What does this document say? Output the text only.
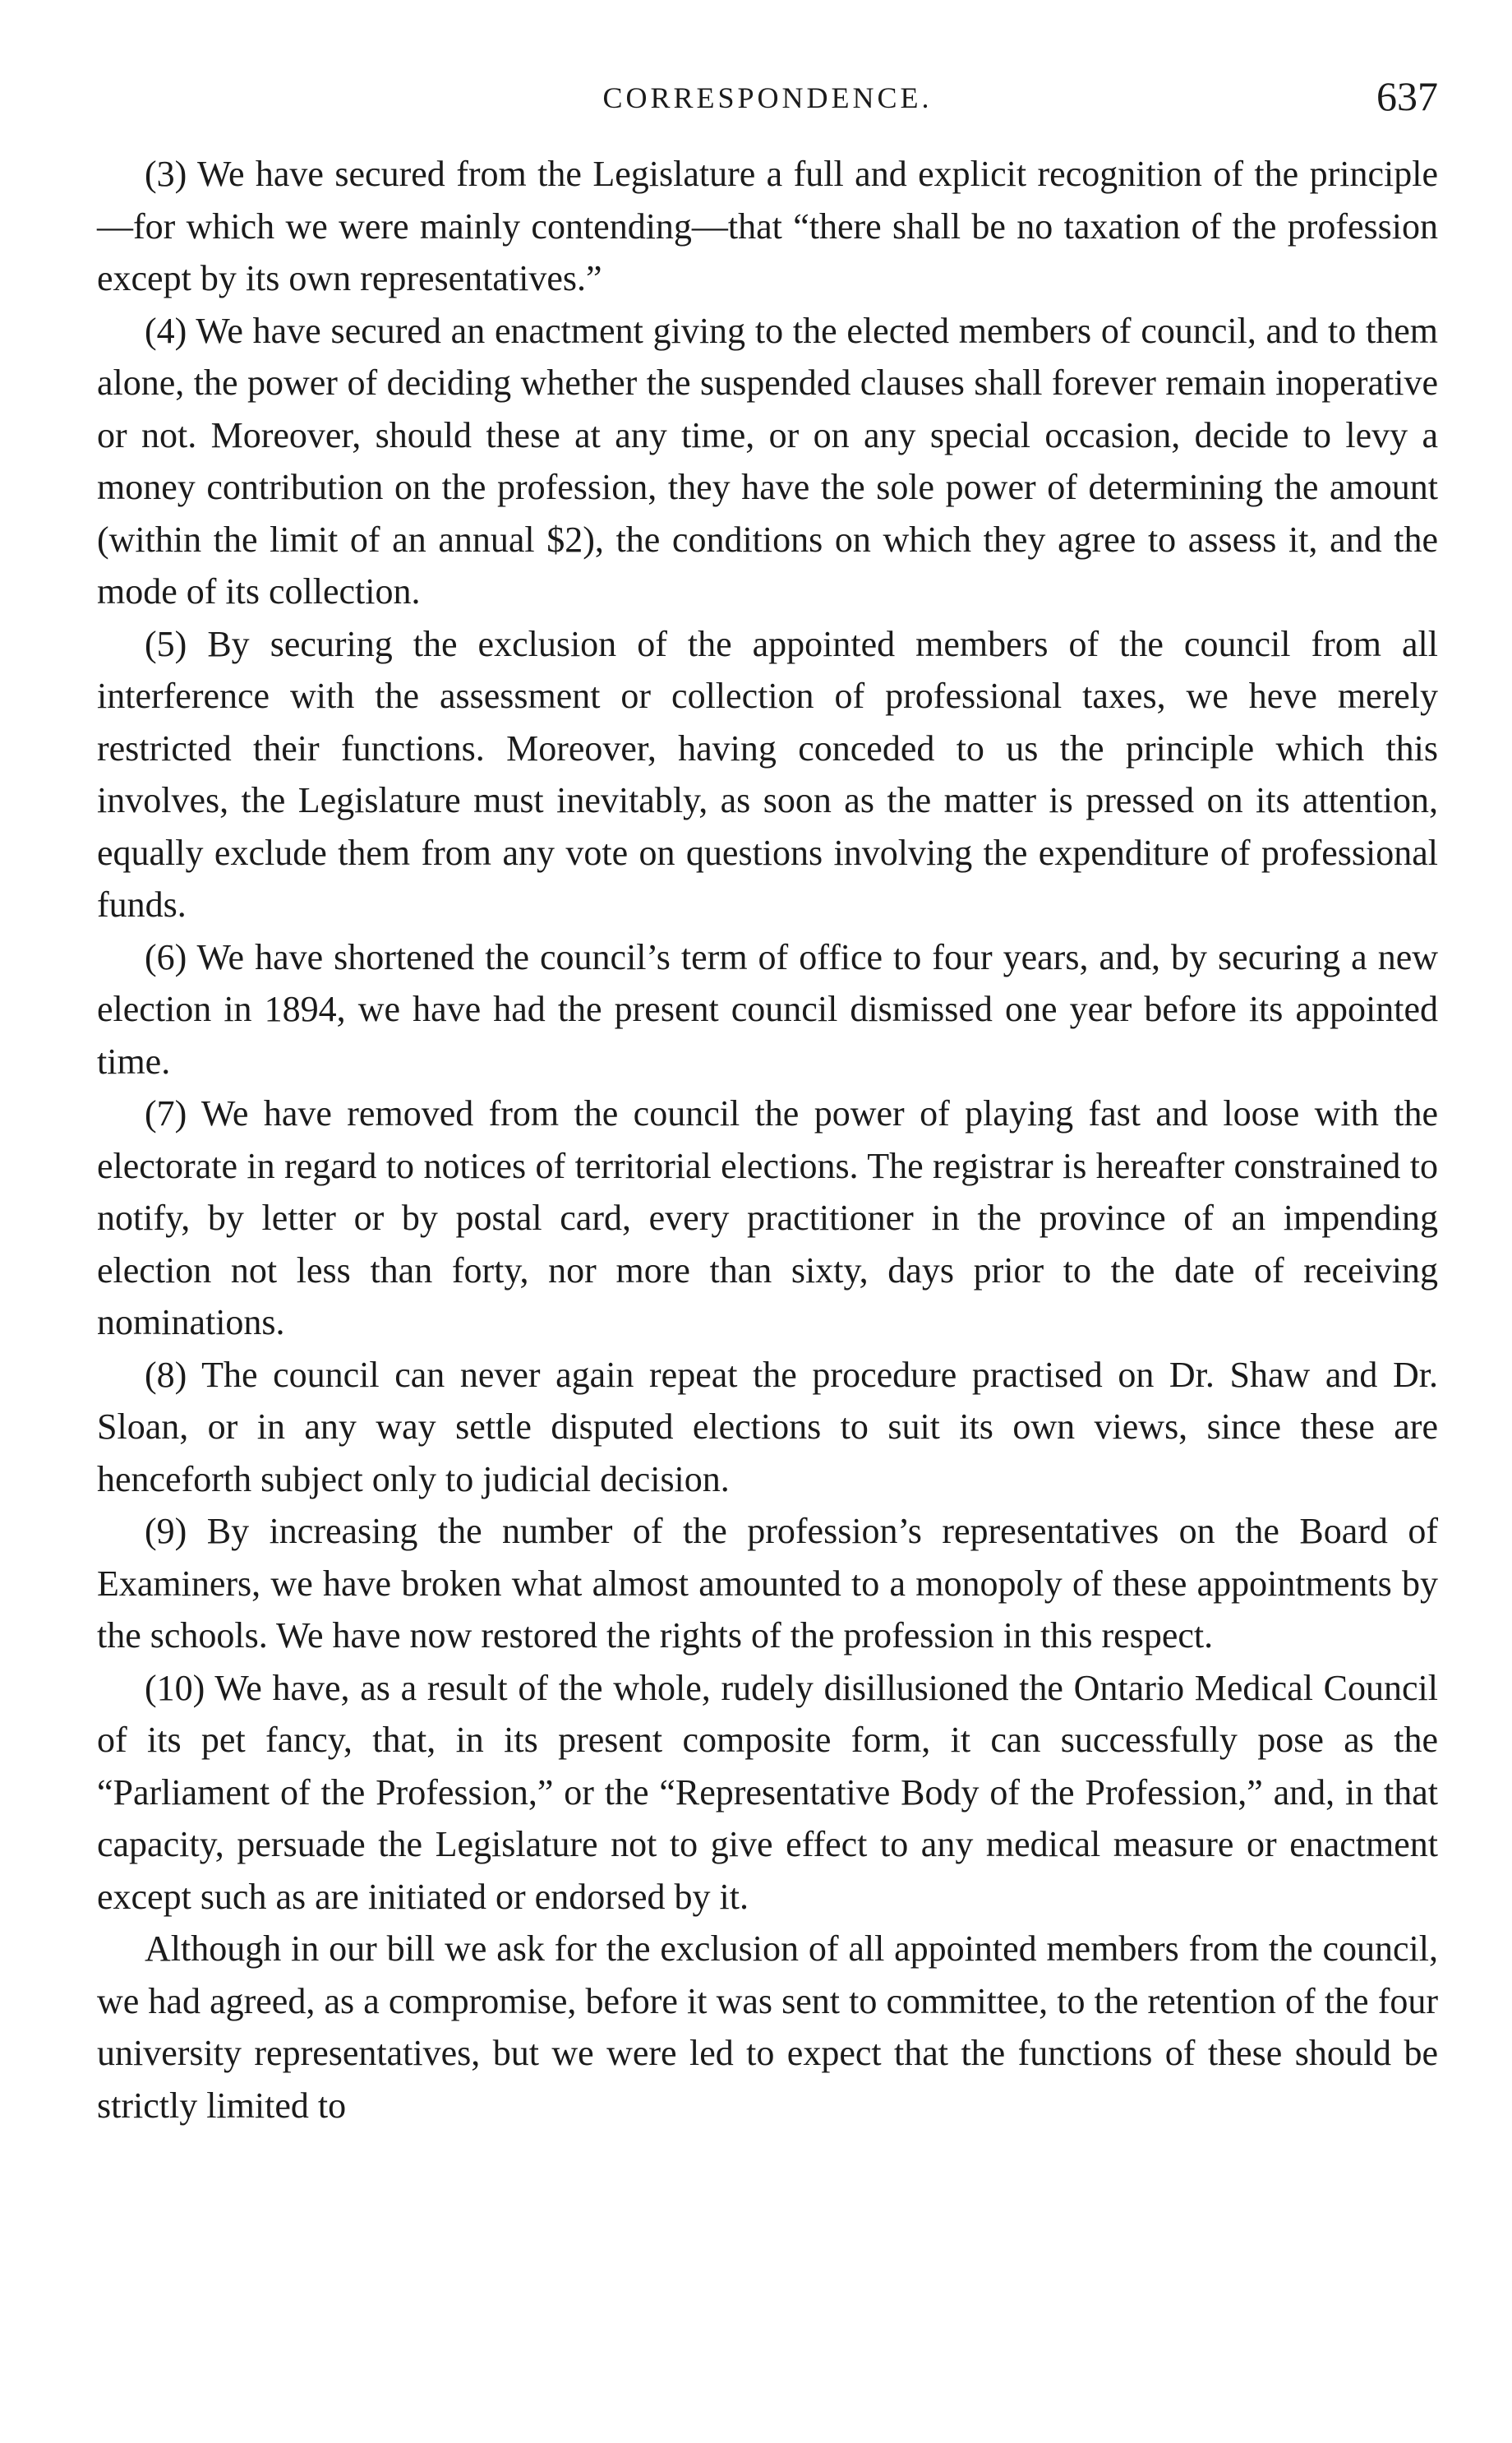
CORRESPONDENCE.	637

(3) We have secured from the Legislature a full and explicit recognition of the principle—for which we were mainly contending—that “there shall be no taxation of the profession except by its own representatives.”

(4) We have secured an enactment giving to the elected members of council, and to them alone, the power of deciding whether the suspended clauses shall forever remain inoperative or not. Moreover, should these at any time, or on any special occasion, decide to levy a money contribution on the profession, they have the sole power of determining the amount (within the limit of an annual $2), the conditions on which they agree to assess it, and the mode of its collection.

(5) By securing the exclusion of the appointed members of the council from all interference with the assessment or collection of professional taxes, we heve merely restricted their functions. Moreover, having conceded to us the principle which this involves, the Legislature must inevitably, as soon as the matter is pressed on its attention, equally exclude them from any vote on questions involving the expenditure of professional funds.

(6) We have shortened the council’s term of office to four years, and, by securing a new election in 1894, we have had the present council dismissed one year before its appointed time.

(7) We have removed from the council the power of playing fast and loose with the electorate in regard to notices of territorial elections. The registrar is hereafter constrained to notify, by letter or by postal card, every practitioner in the province of an impending election not less than forty, nor more than sixty, days prior to the date of receiving nominations.

(8) The council can never again repeat the procedure practised on Dr. Shaw and Dr. Sloan, or in any way settle disputed elections to suit its own views, since these are henceforth subject only to judicial decision.

(9) By increasing the number of the profession’s representatives on the Board of Examiners, we have broken what almost amounted to a monopoly of these appointments by the schools. We have now restored the rights of the profession in this respect.

(10) We have, as a result of the whole, rudely disillusioned the Ontario Medical Council of its pet fancy, that, in its present composite form, it can successfully pose as the “Parliament of the Profession,” or the “Representative Body of the Profession,” and, in that capacity, persuade the Legislature not to give effect to any medical measure or enactment except such as are initiated or endorsed by it.

Although in our bill we ask for the exclusion of all appointed members from the council, we had agreed, as a compromise, before it was sent to committee, to the retention of the four university representatives, but we were led to expect that the functions of these should be strictly limited to
